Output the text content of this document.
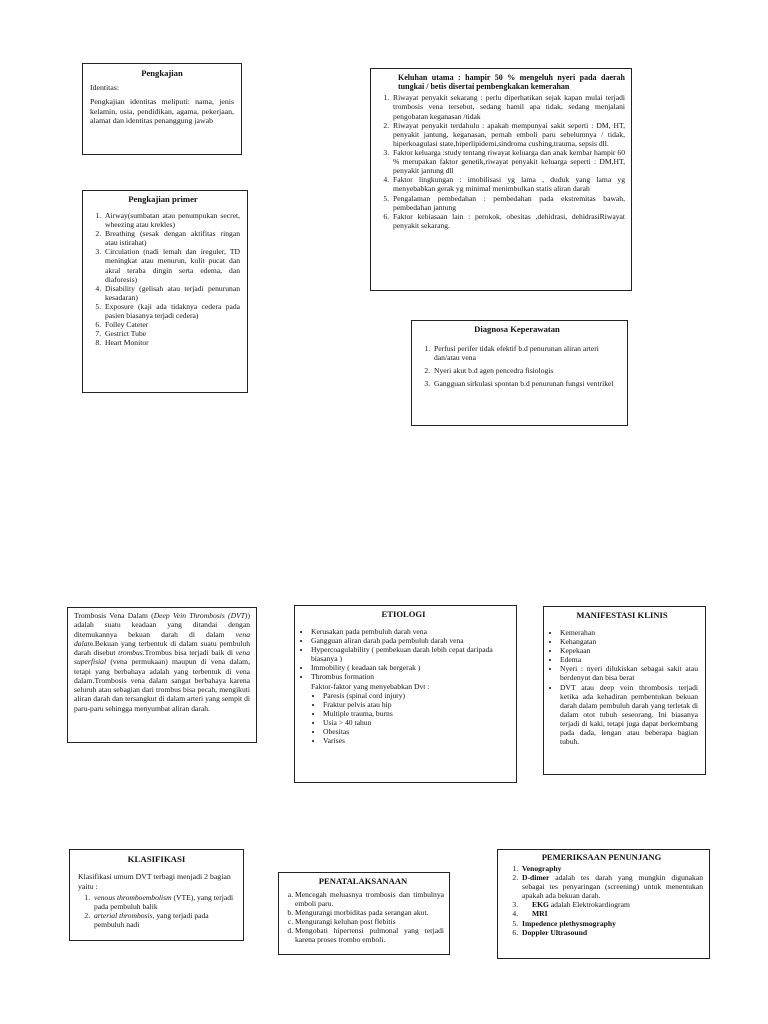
Pengkajian

Identitas:

Pengkajian identitas meliputi: nama, jenis kelamin, usia, pendidikan, agama, pekerjaan, alamat dan identitas penanggung jawab

Pengkajian primer
1. Airway(sumbatan atau penumpukan secret, wheezing atau krekles)
2. Breathing (sesak dengan aktifitas ringan atau istirahat)
3. Circulation (nadi lemah dan ireguler, TD meningkat atau menurun, kulit pucat dan akral teraba dingin serta edema, dan diaforesis)
4. Disability (gelisah atau terjadi penurunan kesadaran)
5. Exposure (kaji ada tidaknya cedera pada pasien biasanya terjadi cedera)
6. Folley Cateter
7. Gestrict Tube
8. Heart Monitor
Keluhan utama : hampir 50 % mengeluh nyeri pada daerah tungkai / betis disertai pembengkakan kemerahan
1. Riwayat penyakit sekarang : perlu diperhatikan sejak kapan mulai terjadi trombosis vena tersebut, sedang hamil apa tidak, sedang menjalani pengobatan keganasan /tidak
2. Riwayat penyakit terdahulu : apakah mempunyai sakit seperti : DM, HT, penyakit jantung, keganasan, pernah emboli paru sebelumnya / tidak, hiperkoagulasi state,hiperlipidemi,sindroma cushing,trauma, sepsis dll.
3. Faktor keluarga :study tentang riwayat keluarga dan anak kembar hampir 60 % merupakan faktor genetik,riwayat penyakit keluarga seperti : DM,HT, penyakit jantung dll
4. Faktor lingkungan : imobilisasi yg lama , duduk yang lama yg menyebabkan gerak yg minimal menimbulkan statis aliran darah
5. Pengalaman pembedahan : pembedahan pada ekstremitas bawah, pembedahan jantung
6. Faktor kebiasaan lain : perokok, obesitas ,dehidrasi, dehidrasiRiwayat penyakit sekarang.
Diagnosa Keperawatan
1. Perfusi perifer tidak efektif b.d penurunan aliran arteri dan/atau vena
2. Nyeri akut b.d agen pencedra fisiologis
3. Gangguan sirkulasi spontan b.d penurunan fungsi ventrikel

Trombosis Vena Dalam (Deep Vein Thrombosis (DVT)) adalah suatu keadaan yang ditandai dengan ditemukannya bekuan darah di dalam vena dalam.Bekuan yang terbentuk di dalam suatu pembuluh darah disebut trombus.Trombus bisa terjadi baik di vena superfisial (vena permukaan) maupun di vena dalam, tetapi yang berbahaya adalah yang terbentuk di vena dalam.Trombosis vena dalam sangat berbahaya karena seluruh atau sebagian dari trombus bisa pecah, mengikuti aliran darah dan tersangkut di dalam arteri yang sempit di paru-paru sehingga menyumbat aliran darah.

ETIOLOGI
• Kerusakan pada pembuluh darah vena
• Gangguan aliran darah pada pembuluh darah vena
• Hypercoagulability ( pembekuan darah lebih cepat daripada biasanya )
• Immobility ( keadaan tak bergerak )
• Thrombus formation
Faktor-faktor yang menyebabkan Dvt :
• Paresis (spinal cord injury)
• Fraktur pelvis atau hip
• Multiple trauma, burns
• Usia > 40 tahun
• Obesitas
• Varises
MANIFESTASI KLINIS
• Kemerahan
• Kehangatan
• Kepekaan
• Edema
• Nyeri : nyeri dilukiskan sebagai sakit atau berdenyut dan bisa berat
• DVT atau deep vein thrombosis terjadi ketika ada kehadiran pembentukan bekuan darah dalam pembuluh darah yang terletak di dalam otot tubuh seseorang. Ini biasanya terjadi di kaki, tetapi juga dapat berkembang pada dada, lengan atau beberapa bagian tubuh.
KLASIFIKASI

Klasifikasi umum DVT terbagi menjadi 2 bagian yaitu :

1. venous thromboembolism (VTE), yang terjadi pada pembuluh balik
2. arterial thrombosis, yang terjadi pada pembuluh nadi
PENATALAKSANAAN
a. Mencegah meluasnya trombosis dan timbulnya emboli paru.
b. Mengurangi morbiditas pada serangan akut.
c. Mengurangi keluhan post flebitis
d. Mengobati hipertensi pulmonal yang terjadi karena proses trombo emboli.
PEMERIKSAAN PENUNJANG
1. Venography
2. D-dimer adalah tes darah yang mungkin digunakan sebagai tes penyaringan (screening) untuk menentukan apakah ada bekuan darah.
3. EKG adalah Elektrokardiogram
4. MRI
5. Impedence plethysmography
6. Doppler Ultrasound
